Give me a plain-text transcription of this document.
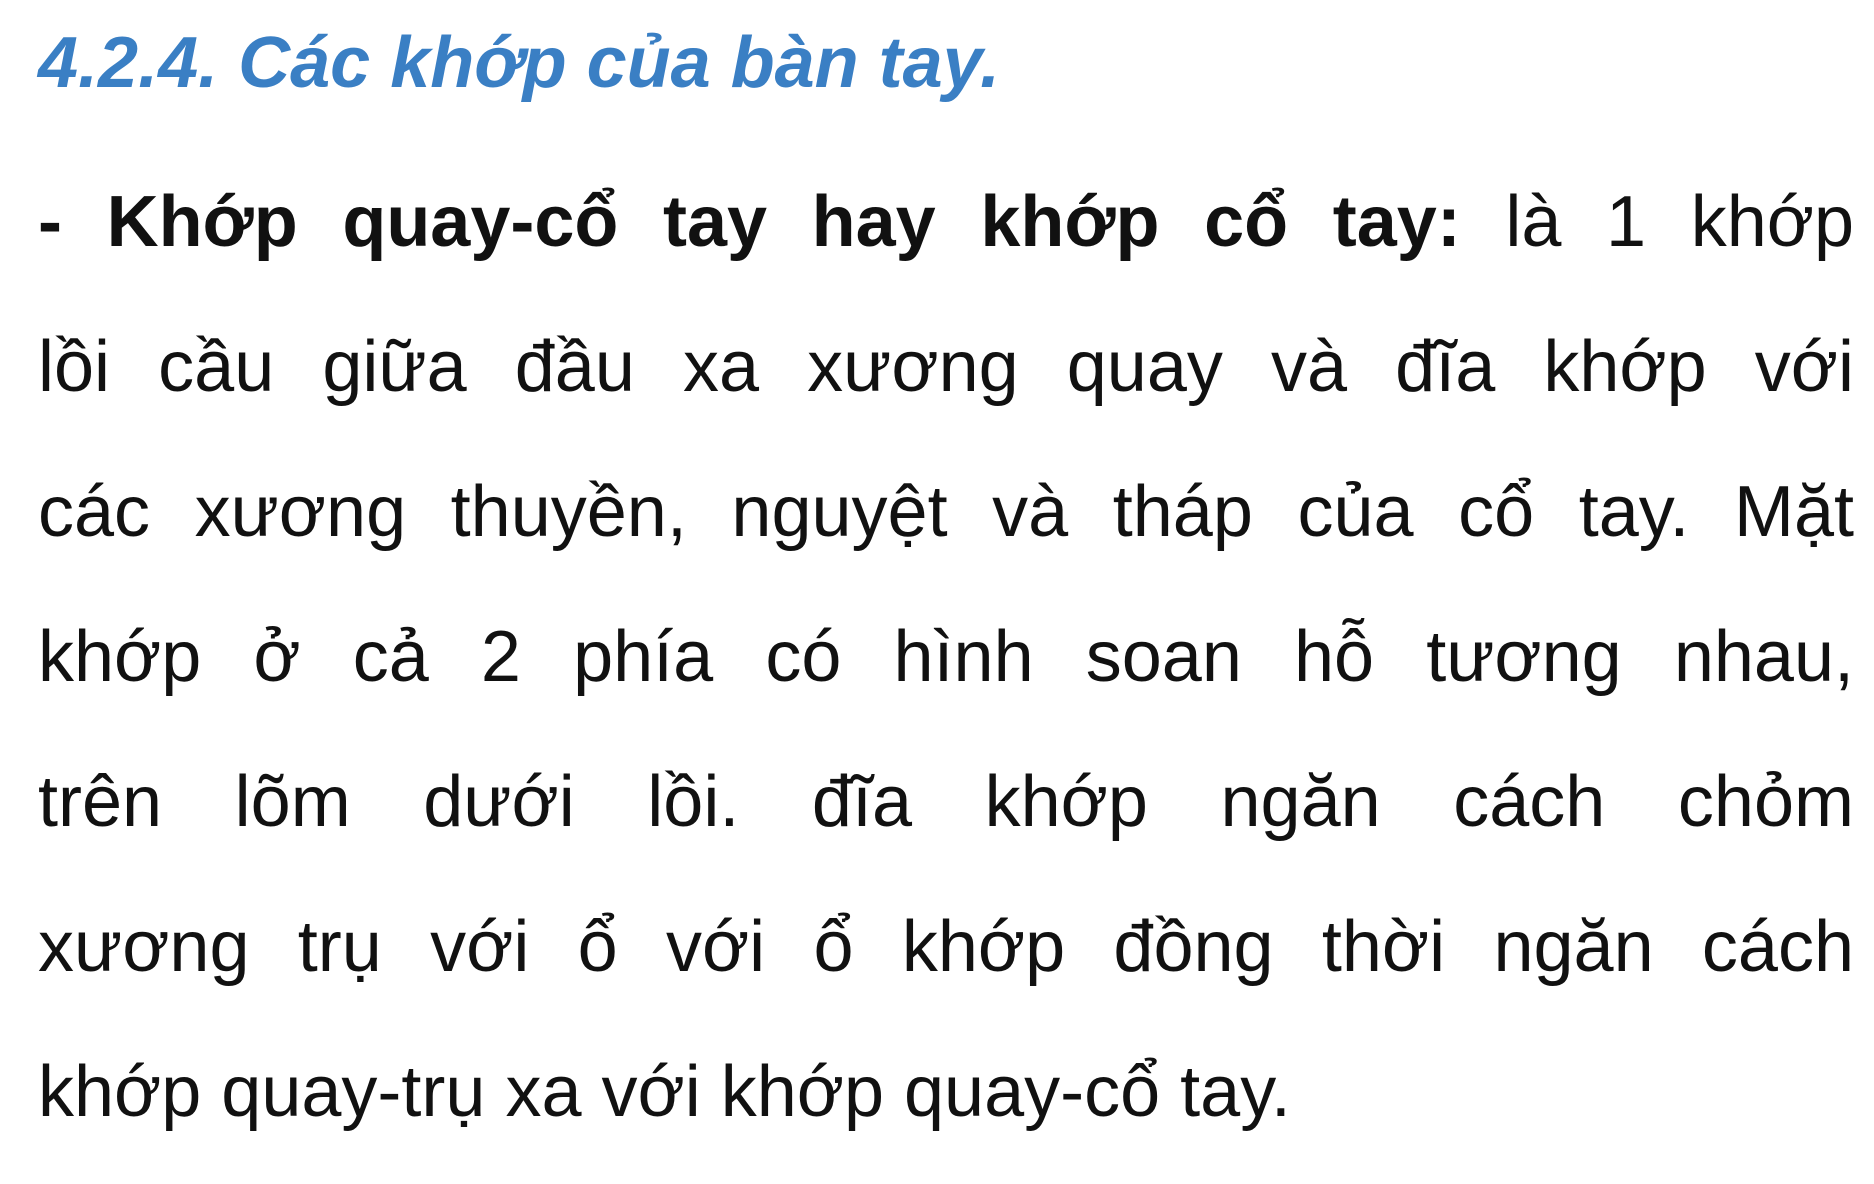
4.2.4. Các khớp của bàn tay.
- Khớp quay-cổ tay hay khớp cổ tay: là 1 khớp
lồi cầu giữa đầu xa xương quay và đĩa khớp với
các xương thuyền, nguyệt và tháp của cổ tay. Mặt
khớp ở cả 2 phía có hình soan hỗ tương nhau,
trên lõm dưới lồi. đĩa khớp ngăn cách chỏm
xương trụ với ổ với ổ khớp đồng thời ngăn cách
khớp quay-trụ xa với khớp quay-cổ tay.
